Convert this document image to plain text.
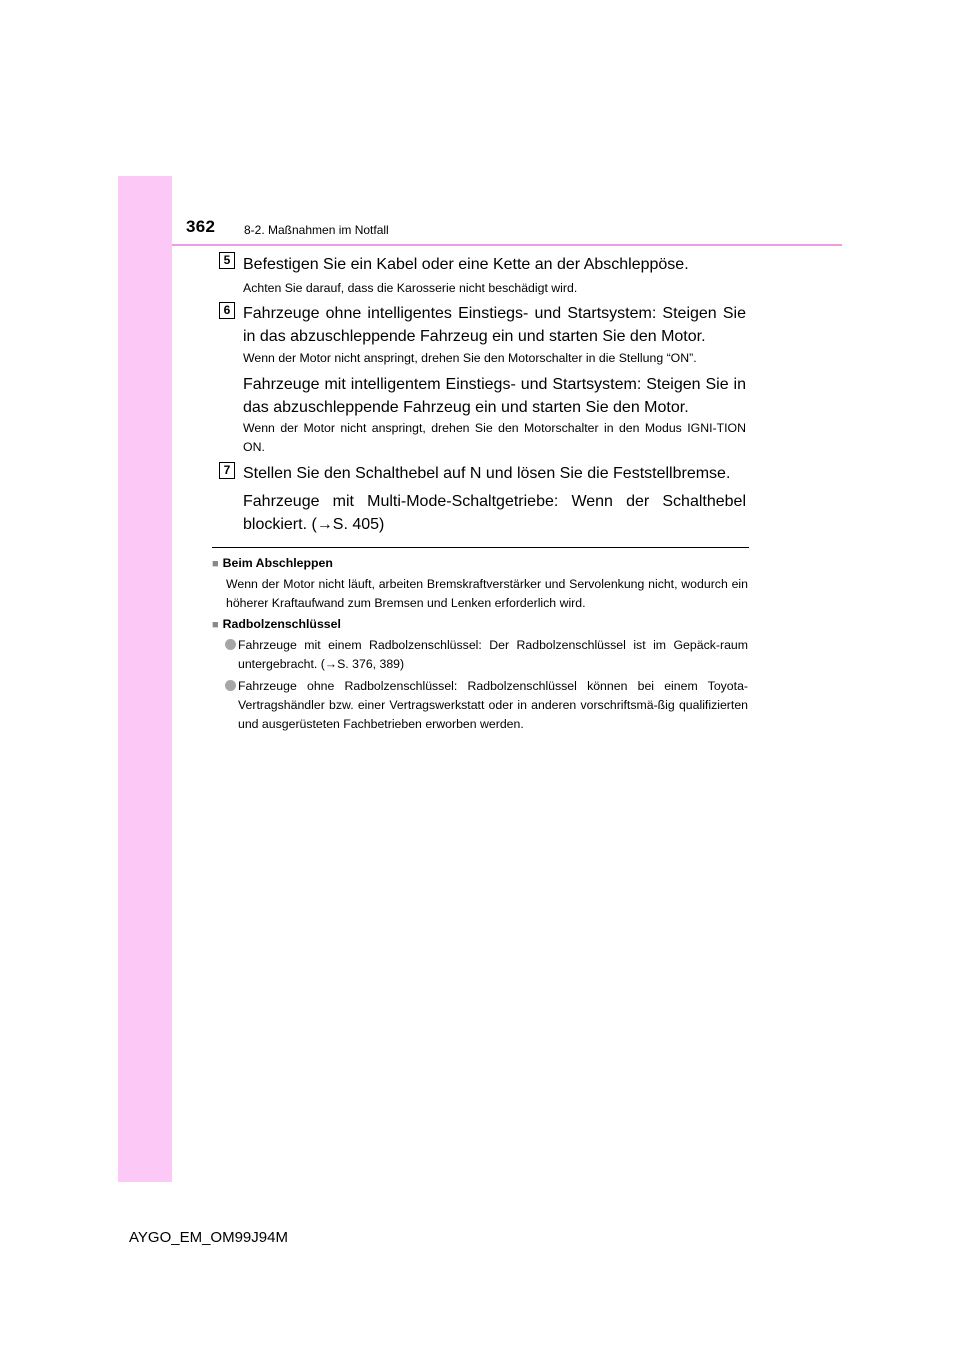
362 8-2. Maßnahmen im Notfall
5 Befestigen Sie ein Kabel oder eine Kette an der Abschleppöse.
Achten Sie darauf, dass die Karosserie nicht beschädigt wird.
6 Fahrzeuge ohne intelligentes Einstiegs- und Startsystem: Steigen Sie in das abzuschleppende Fahrzeug ein und starten Sie den Motor.
Wenn der Motor nicht anspringt, drehen Sie den Motorschalter in die Stellung “ON”.
Fahrzeuge mit intelligentem Einstiegs- und Startsystem: Steigen Sie in das abzuschleppende Fahrzeug ein und starten Sie den Motor.
Wenn der Motor nicht anspringt, drehen Sie den Motorschalter in den Modus IGNI-TION ON.
7 Stellen Sie den Schalthebel auf N und lösen Sie die Feststellbremse.
Fahrzeuge mit Multi-Mode-Schaltgetriebe: Wenn der Schalthebel blockiert. (→S. 405)
■ Beim Abschleppen
Wenn der Motor nicht läuft, arbeiten Bremskraftverstärker und Servolenkung nicht, wodurch ein höherer Kraftaufwand zum Bremsen und Lenken erforderlich wird.
■ Radbolzenschlüssel
Fahrzeuge mit einem Radbolzenschlüssel: Der Radbolzenschlüssel ist im Gepäck-raum untergebracht. (→S. 376, 389)
Fahrzeuge ohne Radbolzenschlüssel: Radbolzenschlüssel können bei einem Toyota-Vertragshändler bzw. einer Vertragswerkstatt oder in anderen vorschriftsmä-ßig qualifizierten und ausgerüsteten Fachbetrieben erworben werden.
AYGO_EM_OM99J94M
